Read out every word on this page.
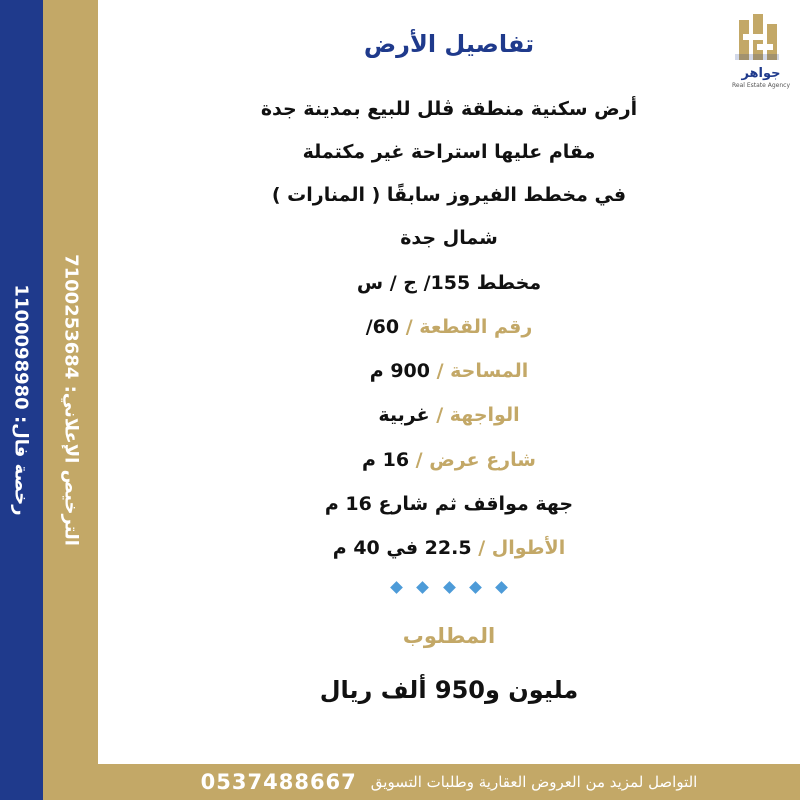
رخصة فال: 1100098980
الترخيص الإعلاني: 7100253684
جواهر
Real Estate Agency
تفاصيل الأرض
أرض سكنية منطقة ڤلل للبيع بمدينة جدة
مقام عليها استراحة غير مكتملة
في مخطط الفيروز سابقًا ( المنارات )
شمال جدة
مخطط 155/ ج / س
رقم القطعة / 60/
المساحة / 900 م
الواجهة / غربية
شارع عرض / 16 م
جهة مواقف ثم شارع 16 م
الأطوال / 22.5 في 40 م

المطلوب
مليون و950 ألف ريال
التواصل لمزيد من العروض العقارية وطلبات التسويق
0537488667
